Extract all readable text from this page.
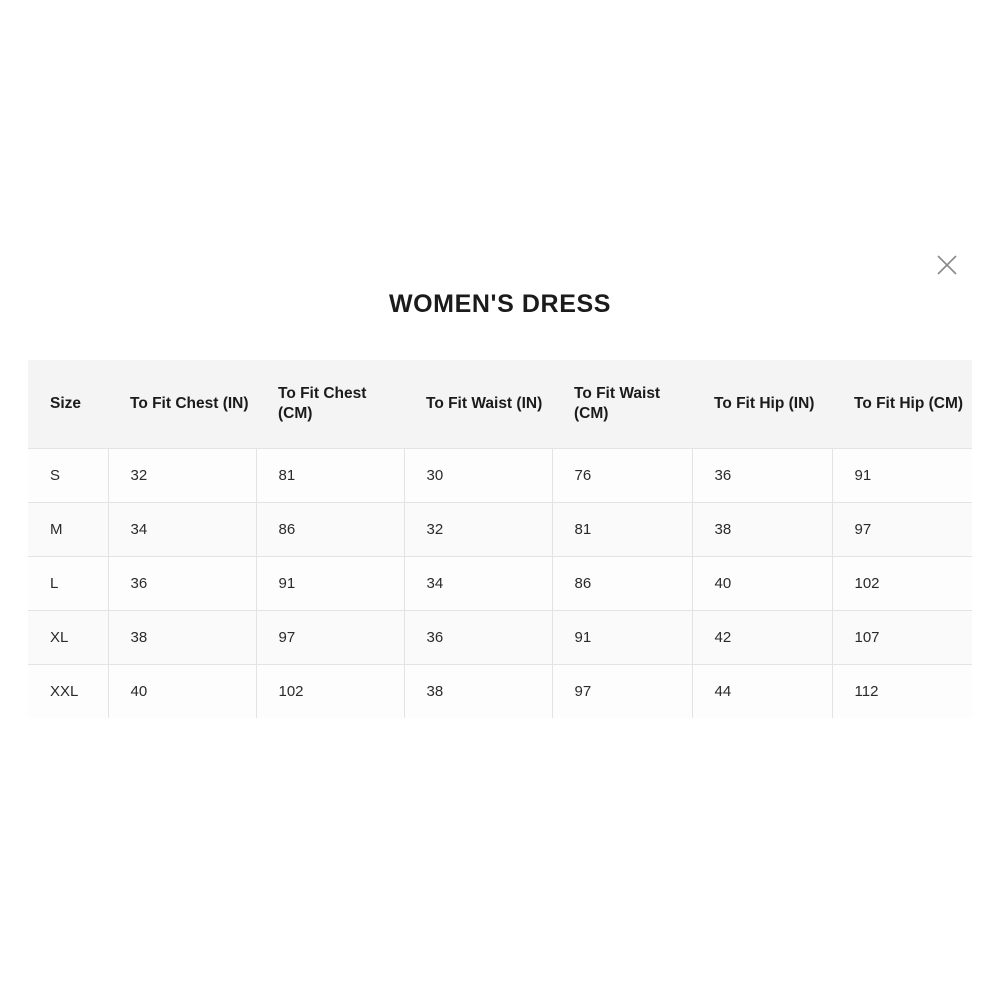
WOMEN'S DRESS
Size	To Fit Chest (IN)	To Fit Chest (CM)	To Fit Waist (IN)	To Fit Waist (CM)	To Fit Hip (IN)	To Fit Hip (CM)
S	32	81	30	76	36	91
M	34	86	32	81	38	97
L	36	91	34	86	40	102
XL	38	97	36	91	42	107
XXL	40	102	38	97	44	112
